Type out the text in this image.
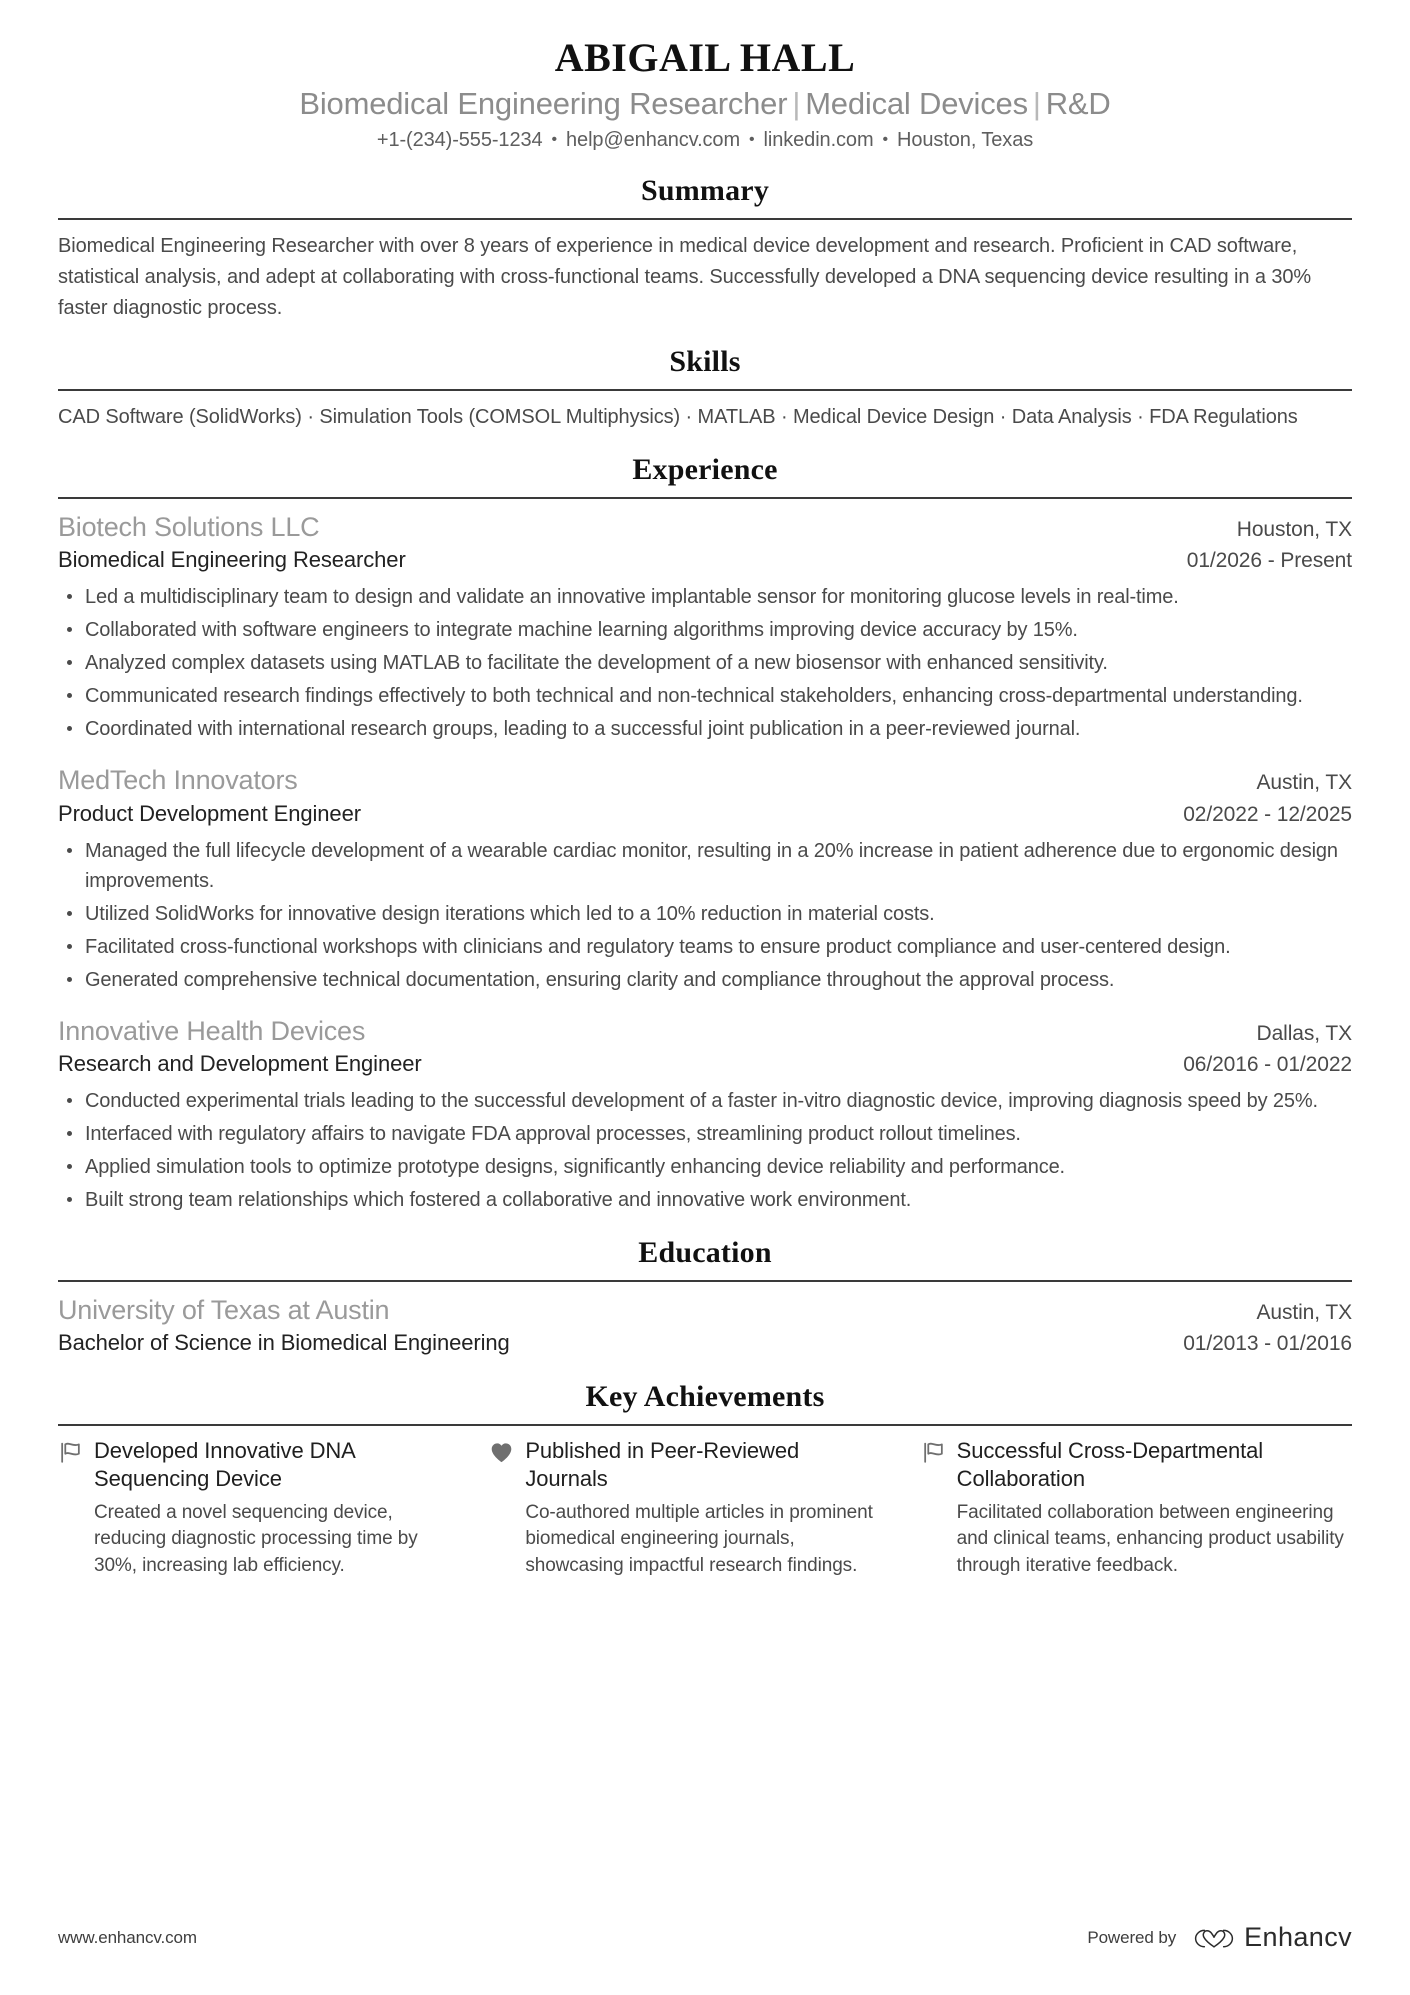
ABIGAIL HALL
Biomedical Engineering Researcher | Medical Devices | R&D
+1-(234)-555-1234 • help@enhancv.com • linkedin.com • Houston, Texas
Summary
Biomedical Engineering Researcher with over 8 years of experience in medical device development and research. Proficient in CAD software, statistical analysis, and adept at collaborating with cross-functional teams. Successfully developed a DNA sequencing device resulting in a 30% faster diagnostic process.
Skills
CAD Software (SolidWorks) · Simulation Tools (COMSOL Multiphysics) · MATLAB · Medical Device Design · Data Analysis · FDA Regulations
Experience
Biotech Solutions LLC	Houston, TX
Biomedical Engineering Researcher	01/2026 - Present
Led a multidisciplinary team to design and validate an innovative implantable sensor for monitoring glucose levels in real-time.
Collaborated with software engineers to integrate machine learning algorithms improving device accuracy by 15%.
Analyzed complex datasets using MATLAB to facilitate the development of a new biosensor with enhanced sensitivity.
Communicated research findings effectively to both technical and non-technical stakeholders, enhancing cross-departmental understanding.
Coordinated with international research groups, leading to a successful joint publication in a peer-reviewed journal.
MedTech Innovators	Austin, TX
Product Development Engineer	02/2022 - 12/2025
Managed the full lifecycle development of a wearable cardiac monitor, resulting in a 20% increase in patient adherence due to ergonomic design improvements.
Utilized SolidWorks for innovative design iterations which led to a 10% reduction in material costs.
Facilitated cross-functional workshops with clinicians and regulatory teams to ensure product compliance and user-centered design.
Generated comprehensive technical documentation, ensuring clarity and compliance throughout the approval process.
Innovative Health Devices	Dallas, TX
Research and Development Engineer	06/2016 - 01/2022
Conducted experimental trials leading to the successful development of a faster in-vitro diagnostic device, improving diagnosis speed by 25%.
Interfaced with regulatory affairs to navigate FDA approval processes, streamlining product rollout timelines.
Applied simulation tools to optimize prototype designs, significantly enhancing device reliability and performance.
Built strong team relationships which fostered a collaborative and innovative work environment.
Education
University of Texas at Austin	Austin, TX
Bachelor of Science in Biomedical Engineering	01/2013 - 01/2016
Key Achievements
Developed Innovative DNA Sequencing Device
Created a novel sequencing device, reducing diagnostic processing time by 30%, increasing lab efficiency.
Published in Peer-Reviewed Journals
Co-authored multiple articles in prominent biomedical engineering journals, showcasing impactful research findings.
Successful Cross-Departmental Collaboration
Facilitated collaboration between engineering and clinical teams, enhancing product usability through iterative feedback.
www.enhancv.com	Powered by	Enhancv
